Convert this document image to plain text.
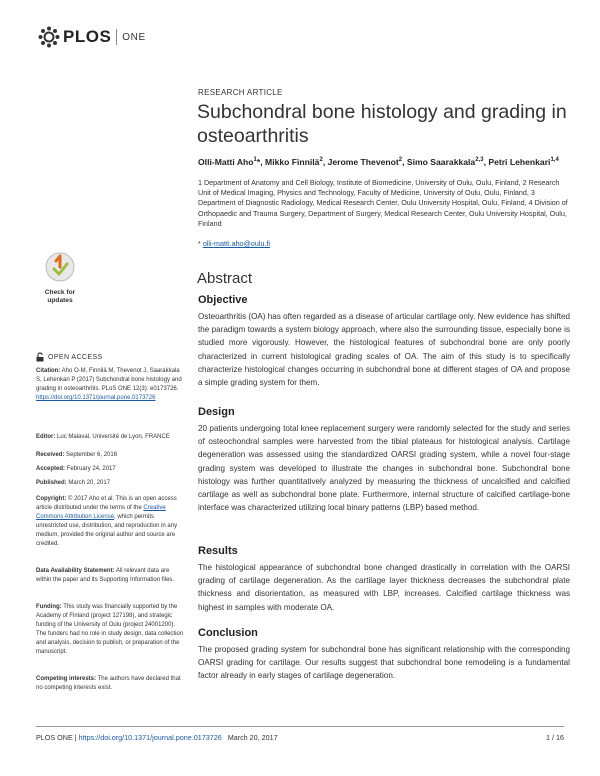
PLOS ONE
RESEARCH ARTICLE
Subchondral bone histology and grading in osteoarthritis
Olli-Matti Aho$^1$*, Mikko Finnilä$^2$, Jerome Thevenot$^2$, Simo Saarakkala$^{2,3}$, Petri Lehenkari$^{1,4}$
1 Department of Anatomy and Cell Biology, Institute of Biomedicine, University of Oulu, Oulu, Finland, 2 Research Unit of Medical Imaging, Physics and Technology, Faculty of Medicine, University of Oulu, Oulu, Finland, 3 Department of Diagnostic Radiology, Medical Research Center, Oulu University Hospital, Oulu, Finland, 4 Division of Orthopaedic and Trauma Surgery, Department of Surgery, Medical Research Center, Oulu University Hospital, Oulu, Finland
* olli-matti.aho@oulu.fi
Abstract
Objective
Osteoarthritis (OA) has often regarded as a disease of articular cartilage only. New evidence has shifted the paradigm towards a system biology approach, where also the surrounding tissue, especially bone is studied more vigorously. However, the histological features of subchondral bone are only poorly characterized in current histological grading scales of OA. The aim of this study is to specifically characterize histological changes occurring in subchondral bone at different stages of OA and propose a simple grading system for them.
Design
20 patients undergoing total knee replacement surgery were randomly selected for the study and series of osteochondral samples were harvested from the tibial plateaus for histological analysis. Cartilage degeneration was assessed using the standardized OARSI grading system, while a novel four-stage grading system was developed to illustrate the changes in subchondral bone. Subchondral bone histology was further quantitatively analyzed by measuring the thickness of uncalcified and calcified cartilage as well as subchondral bone plate. Furthermore, internal structure of calcified cartilage-bone interface was characterized utilizing local binary patterns (LBP) based method.
Results
The histological appearance of subchondral bone changed drastically in correlation with the OARSI grading of cartilage degeneration. As the cartilage layer thickness decreases the subchondral plate thickness and disorientation, as measured with LBP, increases. Calcified cartilage thickness was highest in samples with moderate OA.
Conclusion
The proposed grading system for subchondral bone has significant relationship with the corresponding OARSI grading for cartilage. Our results suggest that subchondral bone remodeling is a fundamental factor already in early stages of cartilage degeneration.
Check for
updates
OPEN ACCESS
Citation: Aho O-M, Finnilä M, Thevenot J, Saarakkala S, Lehenkari P (2017) Subchondral bone histology and grading in osteoarthritis. PLoS ONE 12(3): e0173726. https://doi.org/10.1371/journal.pone.0173726
Editor: Luc Malaval, Université de Lyon, FRANCE
Received: September 6, 2016
Accepted: February 24, 2017
Published: March 20, 2017
Copyright: © 2017 Aho et al. This is an open access article distributed under the terms of the Creative Commons Attribution License, which permits unrestricted use, distribution, and reproduction in any medium, provided the original author and source are credited.
Data Availability Statement: All relevant data are within the paper and its Supporting Information files.
Funding: This study was financially supported by the Academy of Finland (project 127198), and strategic funding of the University of Oulu (project 24001200). The funders had no role in study design, data collection and analysis, decision to publish, or preparation of the manuscript.
Competing interests: The authors have declared that no competing interests exist.
PLOS ONE | https://doi.org/10.1371/journal.pone.0173726 March 20, 2017	1 / 16
